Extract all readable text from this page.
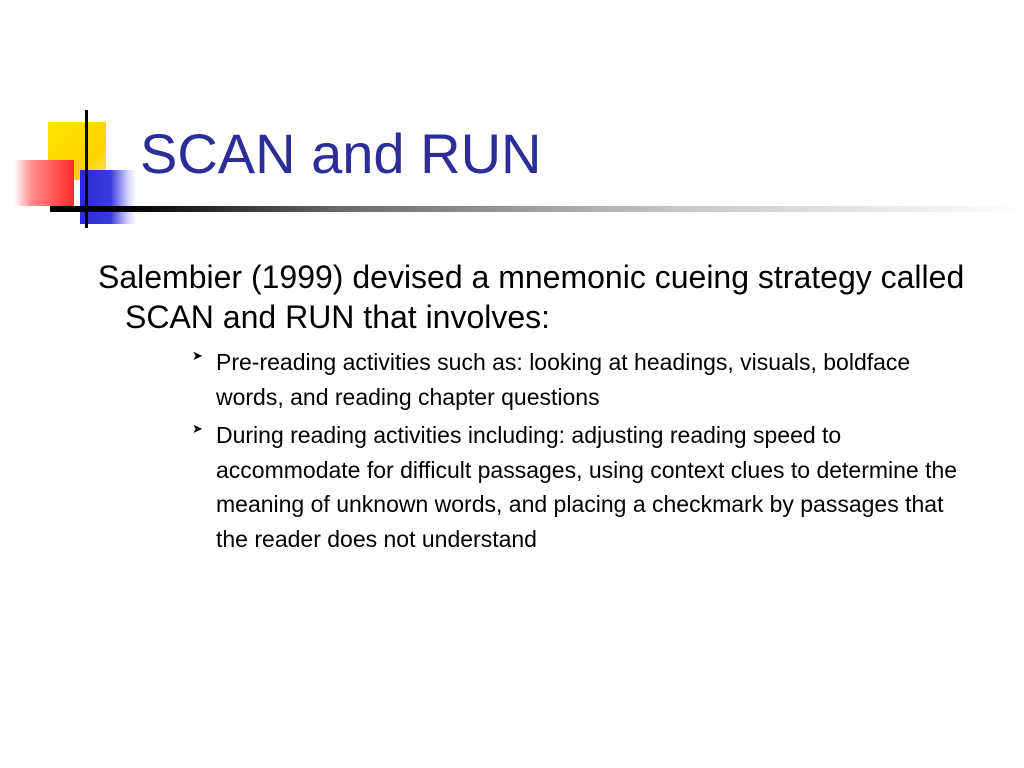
SCAN and RUN

Salembier (1999) devised a mnemonic cueing strategy called SCAN and RUN that involves:

➤ Pre-reading activities such as: looking at headings, visuals, boldface words, and reading chapter questions
➤ During reading activities including: adjusting reading speed to accommodate for difficult passages, using context clues to determine the meaning of unknown words, and placing a checkmark by passages that the reader does not understand
